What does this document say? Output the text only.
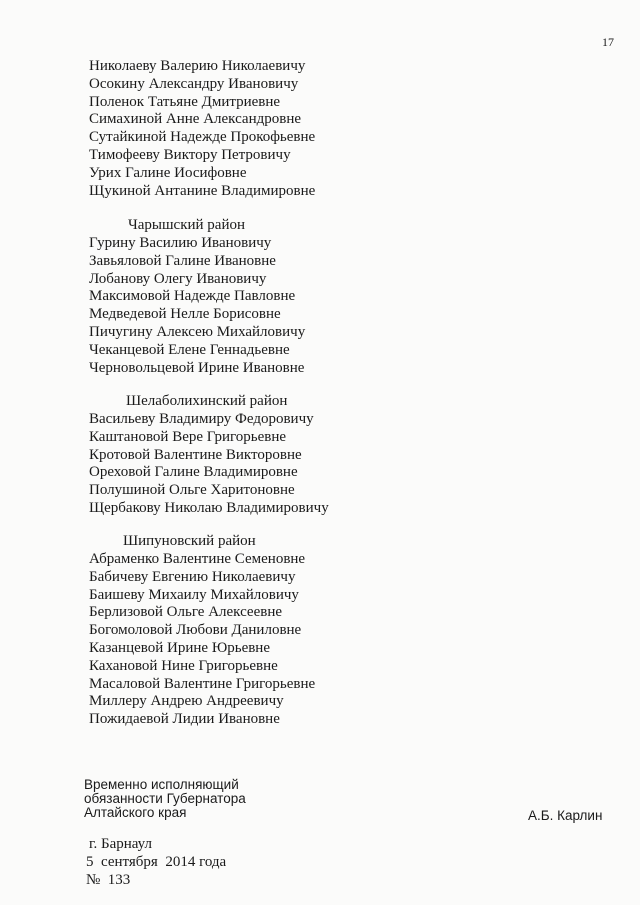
17
Николаеву Валерию Николаевичу
Осокину Александру Ивановичу
Поленок Татьяне Дмитриевне
Симахиной Анне Александровне
Сутайкиной Надежде Прокофьевне
Тимофееву Виктору Петровичу
Урих Галине Иосифовне
Щукиной Антанине Владимировне
Чарышский район
Гурину Василию Ивановичу
Завьяловой Галине Ивановне
Лобанову Олегу Ивановичу
Максимовой Надежде Павловне
Медведевой Нелле Борисовне
Пичугину Алексею Михайловичу
Чеканцевой Елене Геннадьевне
Черновольцевой Ирине Ивановне
Шелаболихинский район
Васильеву Владимиру Федоровичу
Каштановой Вере Григорьевне
Кротовой Валентине Викторовне
Ореховой Галине Владимировне
Полушиной Ольге Харитоновне
Щербакову Николаю Владимировичу
Шипуновский район
Абраменко Валентине Семеновне
Бабичеву Евгению Николаевичу
Баишеву Михаилу Михайловичу
Берлизовой Ольге Алексеевне
Богомоловой Любови Даниловне
Казанцевой Ирине Юрьевне
Кахановой Нине Григорьевне
Масаловой Валентине Григорьевне
Миллеру Андрею Андреевичу
Пожидаевой Лидии Ивановне
Временно исполняющий
обязанности Губернатора
Алтайского края	А.Б. Карлин
г. Барнаул
5  сентября  2014 года
№  133
